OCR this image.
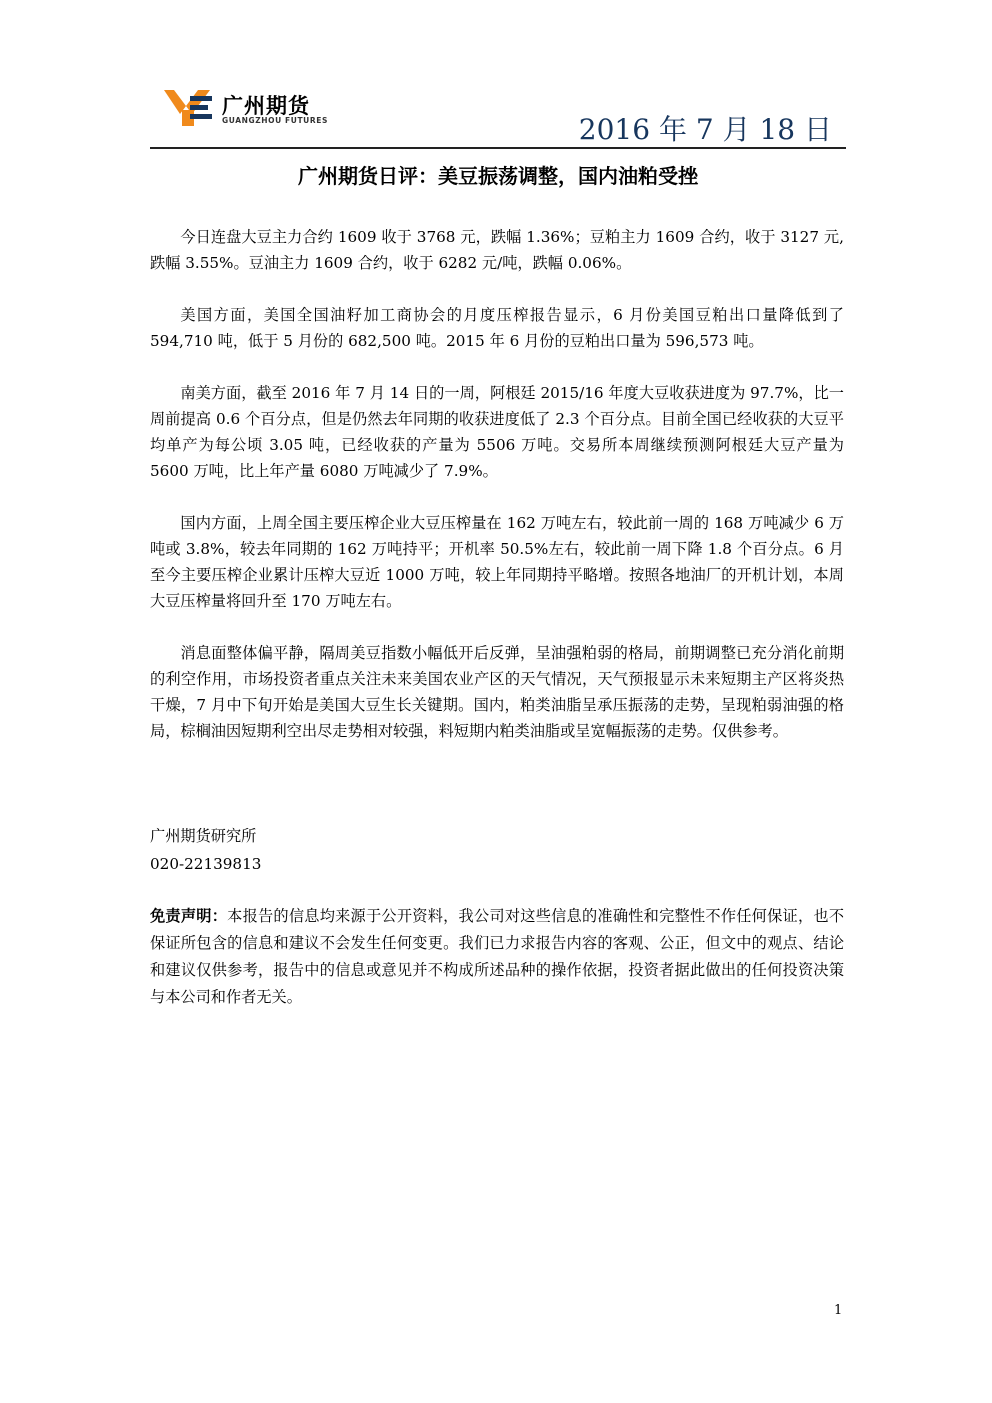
广州期货
GUANGZHOU FUTURES	2016 年 7 月 18 日
广州期货日评：美豆振荡调整，国内油粕受挫

今日连盘大豆主力合约 1609 收于 3768 元，跌幅 1.36%；豆粕主力 1609 合约，收于 3127 元, 跌幅 3.55%。豆油主力 1609 合约，收于 6282 元/吨，跌幅 0.06%。

美国方面，美国全国油籽加工商协会的月度压榨报告显示，6 月份美国豆粕出口量降低到了 594,710 吨，低于 5 月份的 682,500 吨。2015 年 6 月份的豆粕出口量为 596,573 吨。

南美方面，截至 2016 年 7 月 14 日的一周，阿根廷 2015/16 年度大豆收获进度为 97.7%，比一周前提高 0.6 个百分点，但是仍然去年同期的收获进度低了 2.3 个百分点。目前全国已经收获的大豆平均单产为每公顷 3.05 吨，已经收获的产量为 5506 万吨。交易所本周继续预测阿根廷大豆产量为 5600 万吨，比上年产量 6080 万吨减少了 7.9%。

国内方面，上周全国主要压榨企业大豆压榨量在 162 万吨左右，较此前一周的 168 万吨减少 6 万吨或 3.8%，较去年同期的 162 万吨持平；开机率 50.5%左右，较此前一周下降 1.8 个百分点。6 月至今主要压榨企业累计压榨大豆近 1000 万吨，较上年同期持平略增。按照各地油厂的开机计划，本周大豆压榨量将回升至 170 万吨左右。

消息面整体偏平静，隔周美豆指数小幅低开后反弹，呈油强粕弱的格局，前期调整已充分消化前期的利空作用，市场投资者重点关注未来美国农业产区的天气情况，天气预报显示未来短期主产区将炎热干燥，7 月中下旬开始是美国大豆生长关键期。国内，粕类油脂呈承压振荡的走势，呈现粕弱油强的格局，棕榈油因短期利空出尽走势相对较强，料短期内粕类油脂或呈宽幅振荡的走势。仅供参考。

广州期货研究所
020-22139813
免责声明：本报告的信息均来源于公开资料，我公司对这些信息的准确性和完整性不作任何保证，也不保证所包含的信息和建议不会发生任何变更。我们已力求报告内容的客观、公正，但文中的观点、结论和建议仅供参考，报告中的信息或意见并不构成所述品种的操作依据，投资者据此做出的任何投资决策与本公司和作者无关。
1
